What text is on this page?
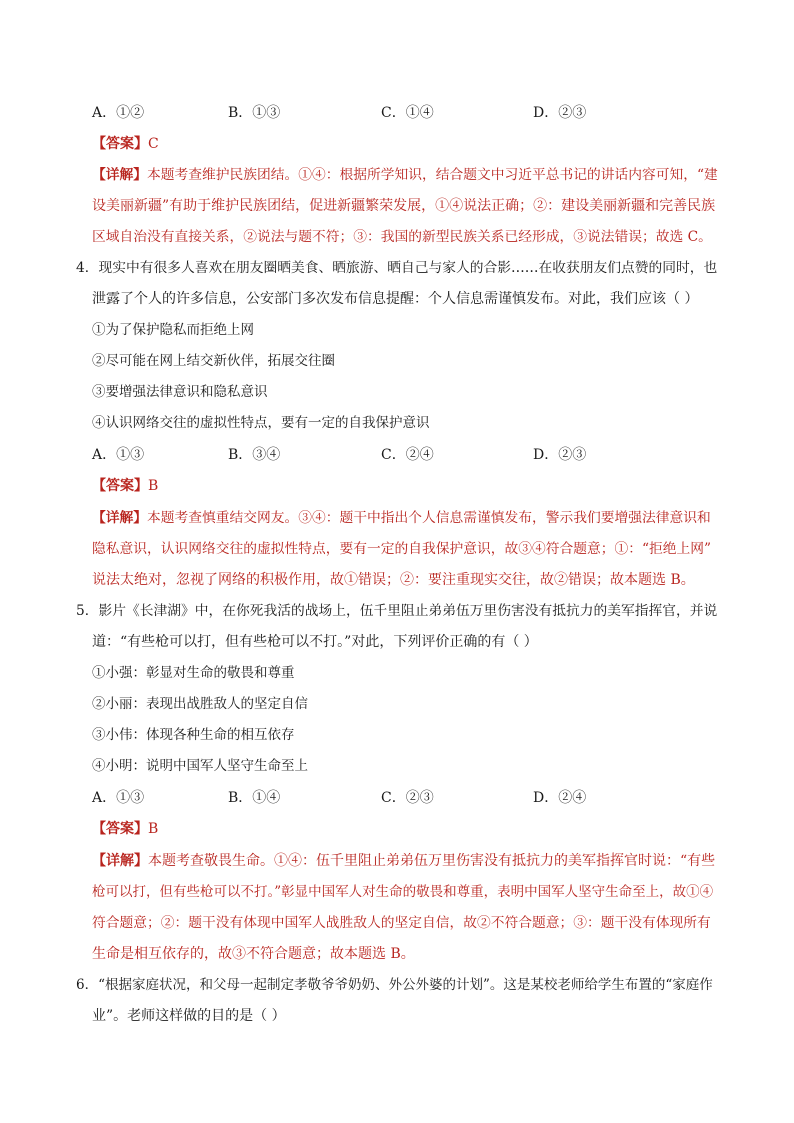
A．①②	B．①③	C．①④	D．②③
【答案】C
【详解】本题考查维护民族团结。①④：根据所学知识，结合题文中习近平总书记的讲话内容可知，“建
设美丽新疆”有助于维护民族团结，促进新疆繁荣发展，①④说法正确；②：建设美丽新疆和完善民族
区域自治没有直接关系，②说法与题不符；③：我国的新型民族关系已经形成，③说法错误；故选 C。
4．现实中有很多人喜欢在朋友圈晒美食、晒旅游、晒自己与家人的合影……在收获朋友们点赞的同时，也
泄露了个人的许多信息，公安部门多次发布信息提醒：个人信息需谨慎发布。对此，我们应该（ ）
①为了保护隐私而拒绝上网
②尽可能在网上结交新伙伴，拓展交往圈
③要增强法律意识和隐私意识
④认识网络交往的虚拟性特点，要有一定的自我保护意识
A．①③	B．③④	C．②④	D．②③
【答案】B
【详解】本题考查慎重结交网友。③④：题干中指出个人信息需谨慎发布，警示我们要增强法律意识和
隐私意识，认识网络交往的虚拟性特点，要有一定的自我保护意识，故③④符合题意；①：“拒绝上网”
说法太绝对，忽视了网络的积极作用，故①错误；②：要注重现实交往，故②错误；故本题选 B。
5．影片《长津湖》中，在你死我活的战场上，伍千里阻止弟弟伍万里伤害没有抵抗力的美军指挥官，并说
道：“有些枪可以打，但有些枪可以不打。”对此，下列评价正确的有（ ）
①小强：彰显对生命的敬畏和尊重
②小丽：表现出战胜敌人的坚定自信
③小伟：体现各种生命的相互依存
④小明：说明中国军人坚守生命至上
A．①③	B．①④	C．②③	D．②④
【答案】B
【详解】本题考查敬畏生命。①④：伍千里阻止弟弟伍万里伤害没有抵抗力的美军指挥官时说：“有些
枪可以打，但有些枪可以不打。”彰显中国军人对生命的敬畏和尊重，表明中国军人坚守生命至上，故①④
符合题意；②：题干没有体现中国军人战胜敌人的坚定自信，故②不符合题意；③：题干没有体现所有
生命是相互依存的，故③不符合题意；故本题选 B。
6．“根据家庭状况，和父母一起制定孝敬爷爷奶奶、外公外婆的计划”。这是某校老师给学生布置的“家庭作
业”。老师这样做的目的是（ ）
